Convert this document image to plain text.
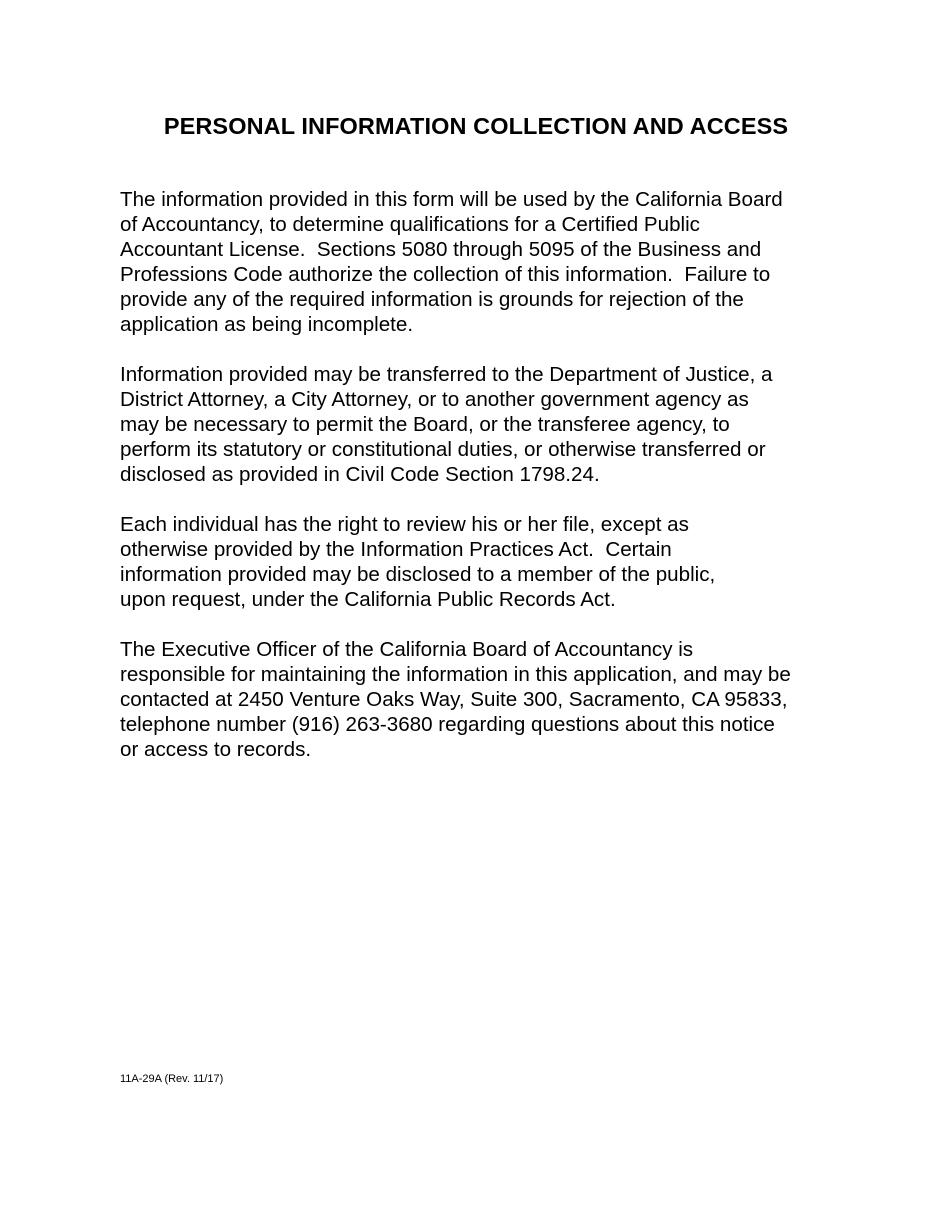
PERSONAL INFORMATION COLLECTION AND ACCESS
The information provided in this form will be used by the California Board
of Accountancy, to determine qualifications for a Certified Public
Accountant License.  Sections 5080 through 5095 of the Business and
Professions Code authorize the collection of this information.  Failure to
provide any of the required information is grounds for rejection of the
application as being incomplete.
Information provided may be transferred to the Department of Justice, a
District Attorney, a City Attorney, or to another government agency as
may be necessary to permit the Board, or the transferee agency, to
perform its statutory or constitutional duties, or otherwise transferred or
disclosed as provided in Civil Code Section 1798.24.
Each individual has the right to review his or her file, except as
otherwise provided by the Information Practices Act.  Certain
information provided may be disclosed to a member of the public,
upon request, under the California Public Records Act.
The Executive Officer of the California Board of Accountancy is
responsible for maintaining the information in this application, and may be
contacted at 2450 Venture Oaks Way, Suite 300, Sacramento, CA 95833,
telephone number (916) 263-3680 regarding questions about this notice
or access to records.
11A-29A (Rev. 11/17)
